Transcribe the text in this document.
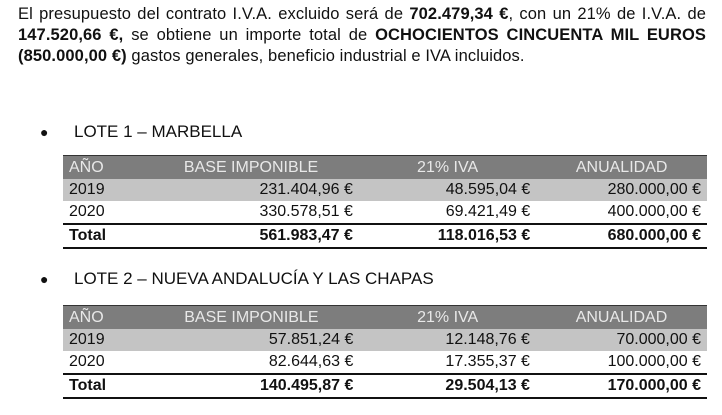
El presupuesto del contrato I.V.A. excluido será de 702.479,34 €, con un 21% de I.V.A. de 147.520,66 €, se obtiene un importe total de OCHOCIENTOS CINCUENTA MIL EUROS (850.000,00 €) gastos generales, beneficio industrial e IVA incluidos.
●	LOTE 1 – MARBELLA
AÑO	BASE IMPONIBLE	21% IVA	ANUALIDAD
2019	231.404,96 €	48.595,04 €	280.000,00 €
2020	330.578,51 €	69.421,49 €	400.000,00 €
Total	561.983,47 €	118.016,53 €	680.000,00 €
●	LOTE 2 – NUEVA ANDALUCÍA Y LAS CHAPAS
AÑO	BASE IMPONIBLE	21% IVA	ANUALIDAD
2019	57.851,24 €	12.148,76 €	70.000,00 €
2020	82.644,63 €	17.355,37 €	100.000,00 €
Total	140.495,87 €	29.504,13 €	170.000,00 €
